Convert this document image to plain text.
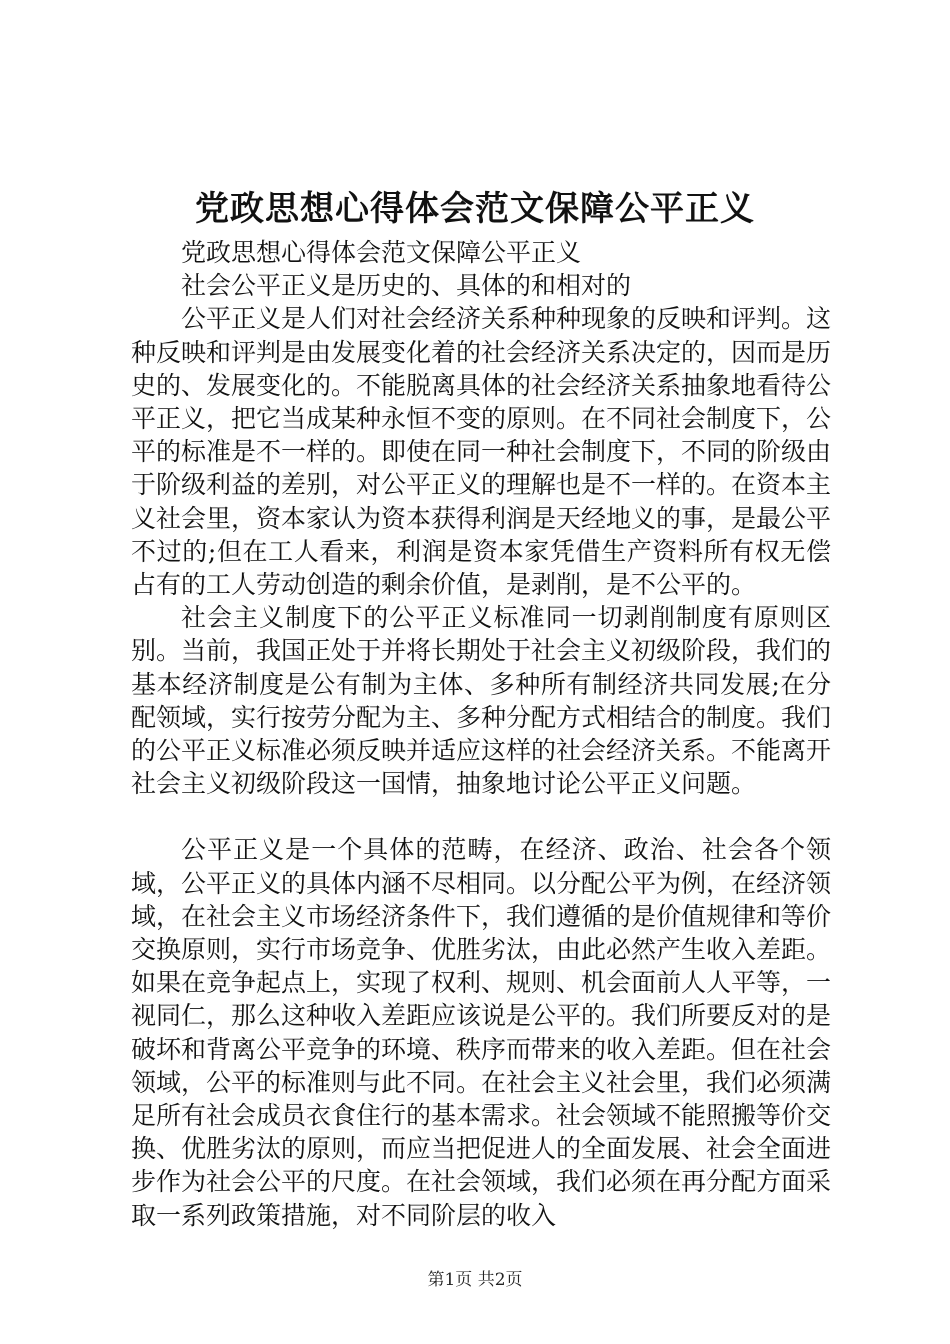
党政思想心得体会范文保障公平正义

党政思想心得体会范文保障公平正义

社会公平正义是历史的、具体的和相对的

公平正义是人们对社会经济关系种种现象的反映和评判。这种反映和评判是由发展变化着的社会经济关系决定的，因而是历史的、发展变化的。不能脱离具体的社会经济关系抽象地看待公平正义，把它当成某种永恒不变的原则。在不同社会制度下，公平的标准是不一样的。即使在同一种社会制度下，不同的阶级由于阶级利益的差别，对公平正义的理解也是不一样的。在资本主义社会里，资本家认为资本获得利润是天经地义的事，是最公平不过的;但在工人看来，利润是资本家凭借生产资料所有权无偿占有的工人劳动创造的剩余价值，是剥削，是不公平的。

社会主义制度下的公平正义标准同一切剥削制度有原则区别。当前，我国正处于并将长期处于社会主义初级阶段，我们的基本经济制度是公有制为主体、多种所有制经济共同发展;在分配领域，实行按劳分配为主、多种分配方式相结合的制度。我们的公平正义标准必须反映并适应这样的社会经济关系。不能离开社会主义初级阶段这一国情，抽象地讨论公平正义问题。

公平正义是一个具体的范畴，在经济、政治、社会各个领域，公平正义的具体内涵不尽相同。以分配公平为例，在经济领域，在社会主义市场经济条件下，我们遵循的是价值规律和等价交换原则，实行市场竞争、优胜劣汰，由此必然产生收入差距。如果在竞争起点上，实现了权利、规则、机会面前人人平等，一视同仁，那么这种收入差距应该说是公平的。我们所要反对的是破坏和背离公平竞争的环境、秩序而带来的收入差距。但在社会领域，公平的标准则与此不同。在社会主义社会里，我们必须满足所有社会成员衣食住行的基本需求。社会领域不能照搬等价交换、优胜劣汰的原则，而应当把促进人的全面发展、社会全面进步作为社会公平的尺度。在社会领域，我们必须在再分配方面采取一系列政策措施，对不同阶层的收入

第1页 共2页
